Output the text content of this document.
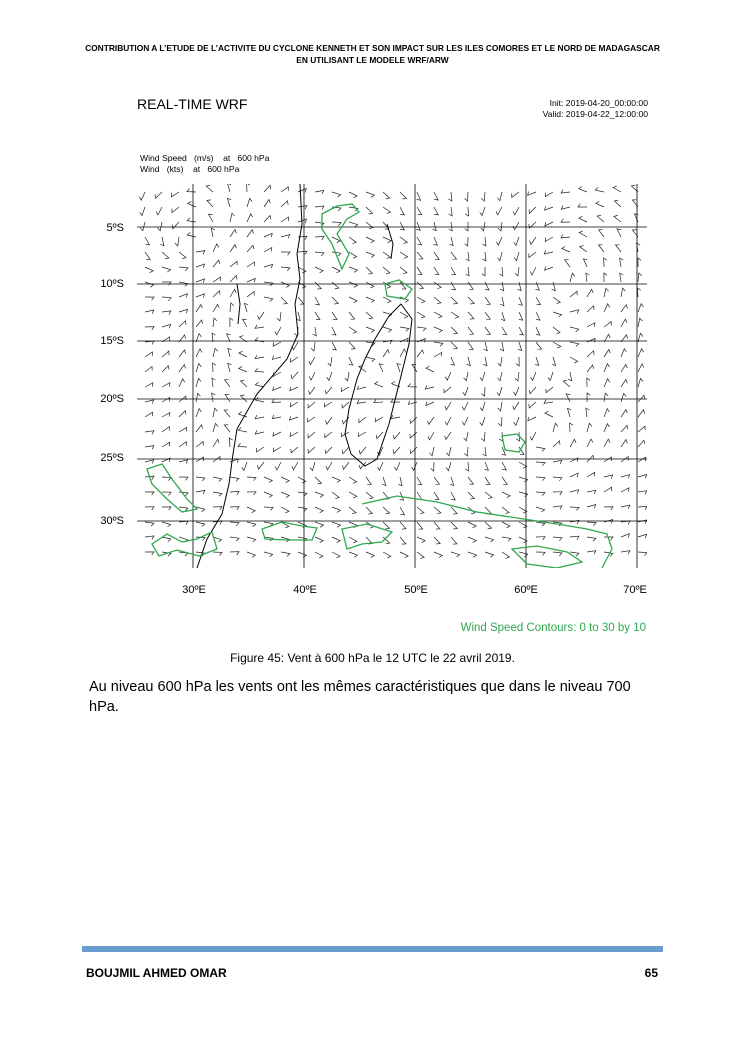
CONTRIBUTION A L’ETUDE DE L’ACTIVITE DU CYCLONE KENNETH ET SON IMPACT SUR LES ILES COMORES ET LE NORD DE MADAGASCAR
EN UTILISANT LE MODELE WRF/ARW
REAL-TIME WRF	Init: 2019-04-20_00:00:00
Valid: 2019-04-22_12:00:00
Wind Speed   (m/s)    at   600 hPa
Wind   (kts)    at   600 hPa
5ºS
10ºS
15ºS
20ºS
25ºS
30ºS
30ºE	40ºE	50ºE	60ºE	70ºE
Wind Speed Contours: 0 to 30 by 10
Figure 45: Vent à 600 hPa le 12 UTC le 22 avril 2019.
Au niveau 600 hPa les vents ont les mêmes caractéristiques que dans le niveau 700 hPa.
BOUJMIL AHMED OMAR	65
